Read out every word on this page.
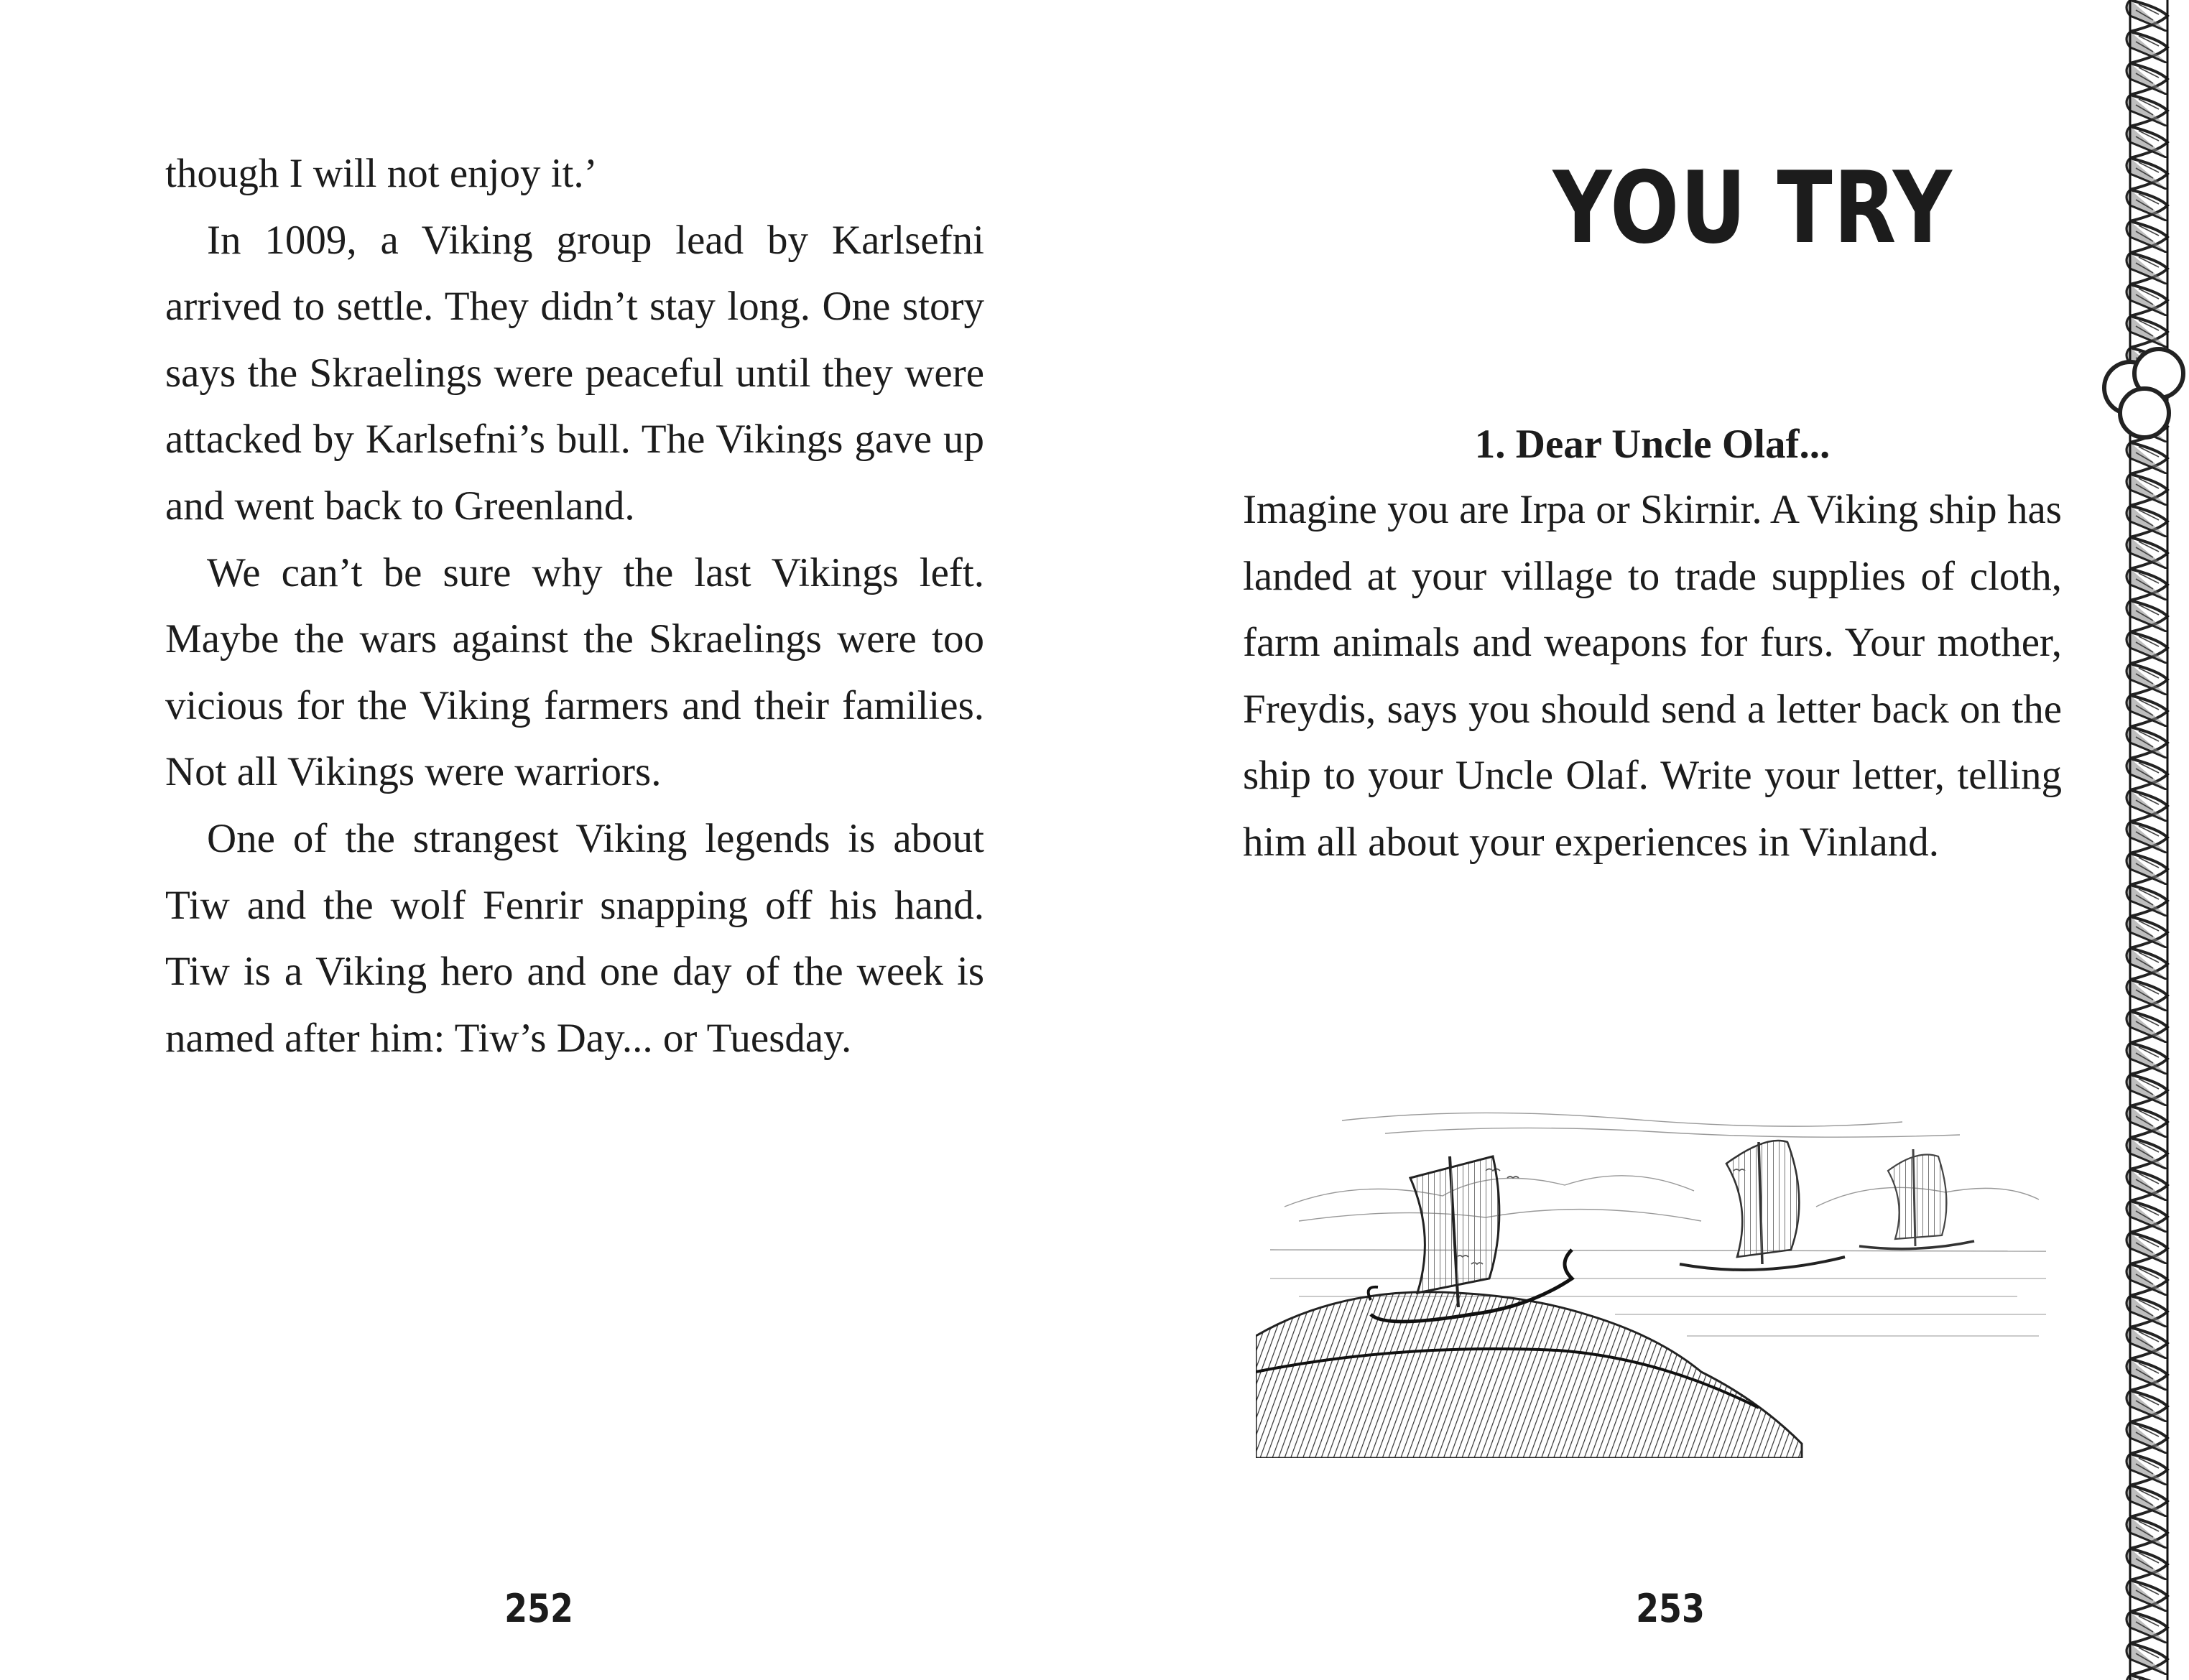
though I will not enjoy it.’

In 1009, a Viking group lead by Karlsefni arrived to settle. They didn’t stay long. One story says the Skraelings were peaceful until they were attacked by Karlsefni’s bull. The Vikings gave up and went back to Greenland.

We can’t be sure why the last Vikings left. Maybe the wars against the Skraelings were too vicious for the Viking farmers and their families. Not all Vikings were warriors.

One of the strangest Viking legends is about Tiw and the wolf Fenrir snapping off his hand. Tiw is a Viking hero and one day of the week is named after him: Tiw’s Day... or Tuesday.

252
YOU TRY
1. Dear Uncle Olaf...

Imagine you are Irpa or Skirnir. A Viking ship has landed at your village to trade supplies of cloth, farm animals and weapons for furs. Your mother, Freydis, says you should send a letter back on the ship to your Uncle Olaf. Write your letter, telling him all about your experiences in Vinland.

253
